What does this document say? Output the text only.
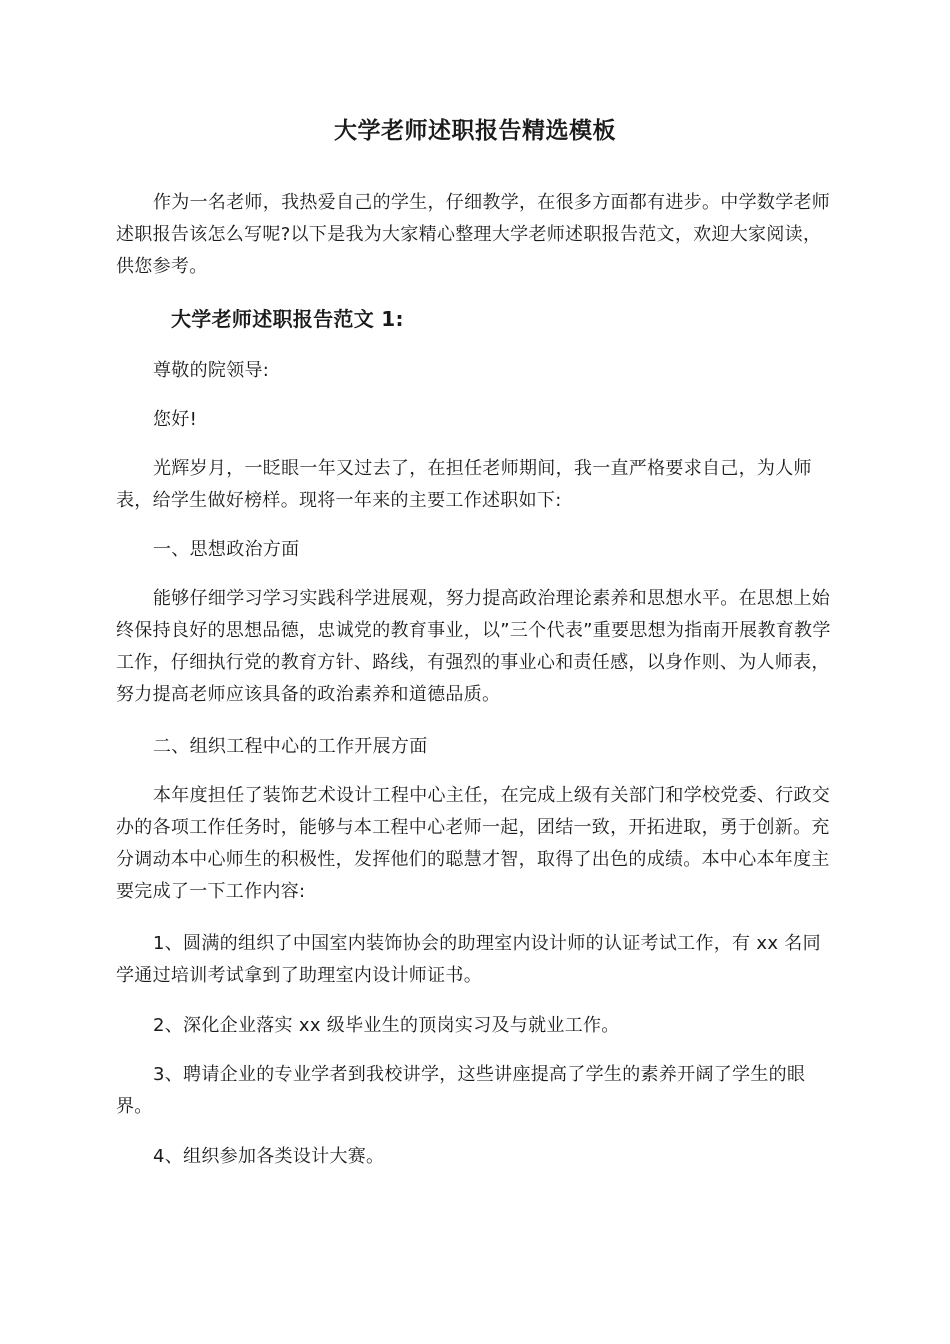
大学老师述职报告精选模板

作为一名老师，我热爱自己的学生，仔细教学，在很多方面都有进步。中学数学老师述职报告该怎么写呢?以下是我为大家精心整理大学老师述职报告范文，欢迎大家阅读，供您参考。

大学老师述职报告范文 1:

尊敬的院领导:

您好!

光辉岁月，一眨眼一年又过去了，在担任老师期间，我一直严格要求自己，为人师表，给学生做好榜样。现将一年来的主要工作述职如下:

一、思想政治方面

能够仔细学习学习实践科学进展观，努力提高政治理论素养和思想水平。在思想上始终保持良好的思想品德，忠诚党的教育事业，以”三个代表”重要思想为指南开展教育教学工作，仔细执行党的教育方针、路线，有强烈的事业心和责任感，以身作则、为人师表，努力提高老师应该具备的政治素养和道德品质。

二、组织工程中心的工作开展方面

本年度担任了装饰艺术设计工程中心主任，在完成上级有关部门和学校党委、行政交办的各项工作任务时，能够与本工程中心老师一起，团结一致，开拓进取，勇于创新。充分调动本中心师生的积极性，发挥他们的聪慧才智，取得了出色的成绩。本中心本年度主要完成了一下工作内容:

1、圆满的组织了中国室内装饰协会的助理室内设计师的认证考试工作，有 xx 名同学通过培训考试拿到了助理室内设计师证书。

2、深化企业落实 xx 级毕业生的顶岗实习及与就业工作。

3、聘请企业的专业学者到我校讲学，这些讲座提高了学生的素养开阔了学生的眼界。

4、组织参加各类设计大赛。
